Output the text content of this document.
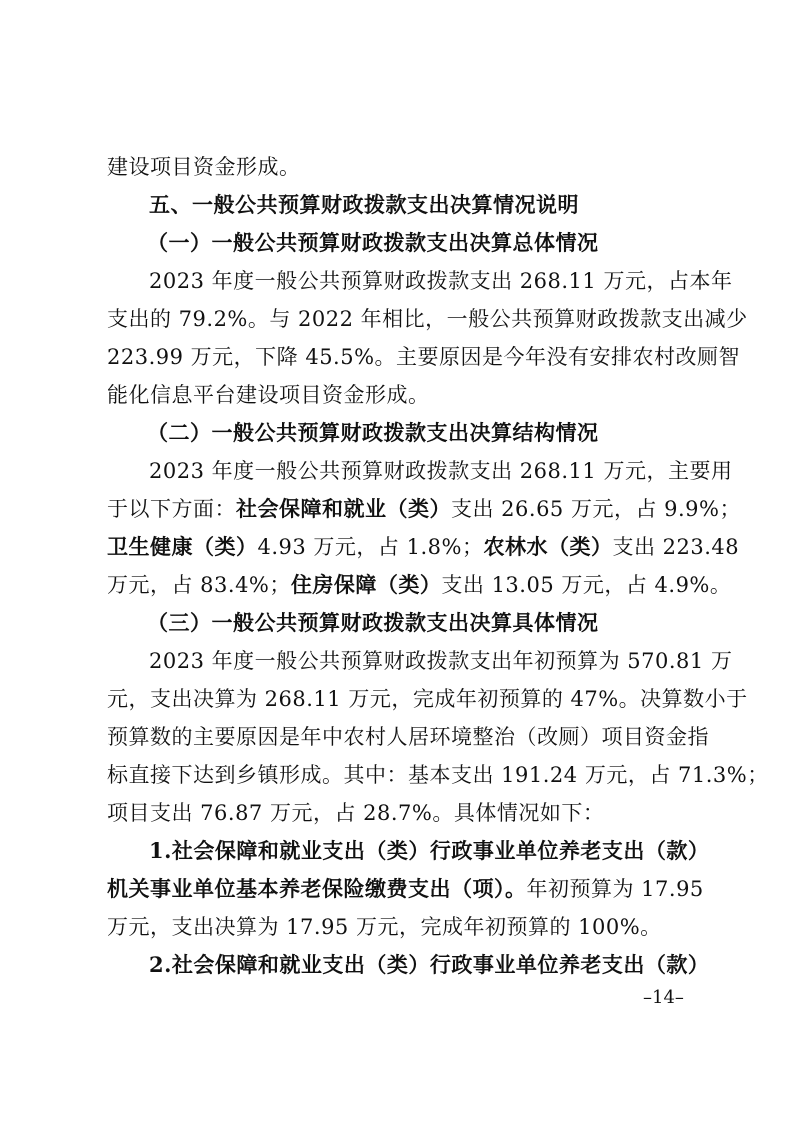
建设项目资金形成。
五、一般公共预算财政拨款支出决算情况说明
（一）一般公共预算财政拨款支出决算总体情况
2023 年度一般公共预算财政拨款支出 268.11 万元，占本年
支出的 79.2%。与 2022 年相比，一般公共预算财政拨款支出减少
223.99 万元，下降 45.5%。主要原因是今年没有安排农村改厕智
能化信息平台建设项目资金形成。
（二）一般公共预算财政拨款支出决算结构情况
2023 年度一般公共预算财政拨款支出 268.11 万元，主要用
于以下方面：社会保障和就业（类）支出 26.65 万元，占 9.9%；
卫生健康（类）4.93 万元，占 1.8%；农林水（类）支出 223.48
万元，占 83.4%；住房保障（类）支出 13.05 万元，占 4.9%。
（三）一般公共预算财政拨款支出决算具体情况
2023 年度一般公共预算财政拨款支出年初预算为 570.81 万
元，支出决算为 268.11 万元，完成年初预算的 47%。决算数小于
预算数的主要原因是年中农村人居环境整治（改厕）项目资金指
标直接下达到乡镇形成。其中：基本支出 191.24 万元，占 71.3%；
项目支出 76.87 万元，占 28.7%。具体情况如下：
1.社会保障和就业支出（类）行政事业单位养老支出（款）
机关事业单位基本养老保险缴费支出（项）。年初预算为 17.95
万元，支出决算为 17.95 万元，完成年初预算的 100%。
2.社会保障和就业支出（类）行政事业单位养老支出（款）
–14–
